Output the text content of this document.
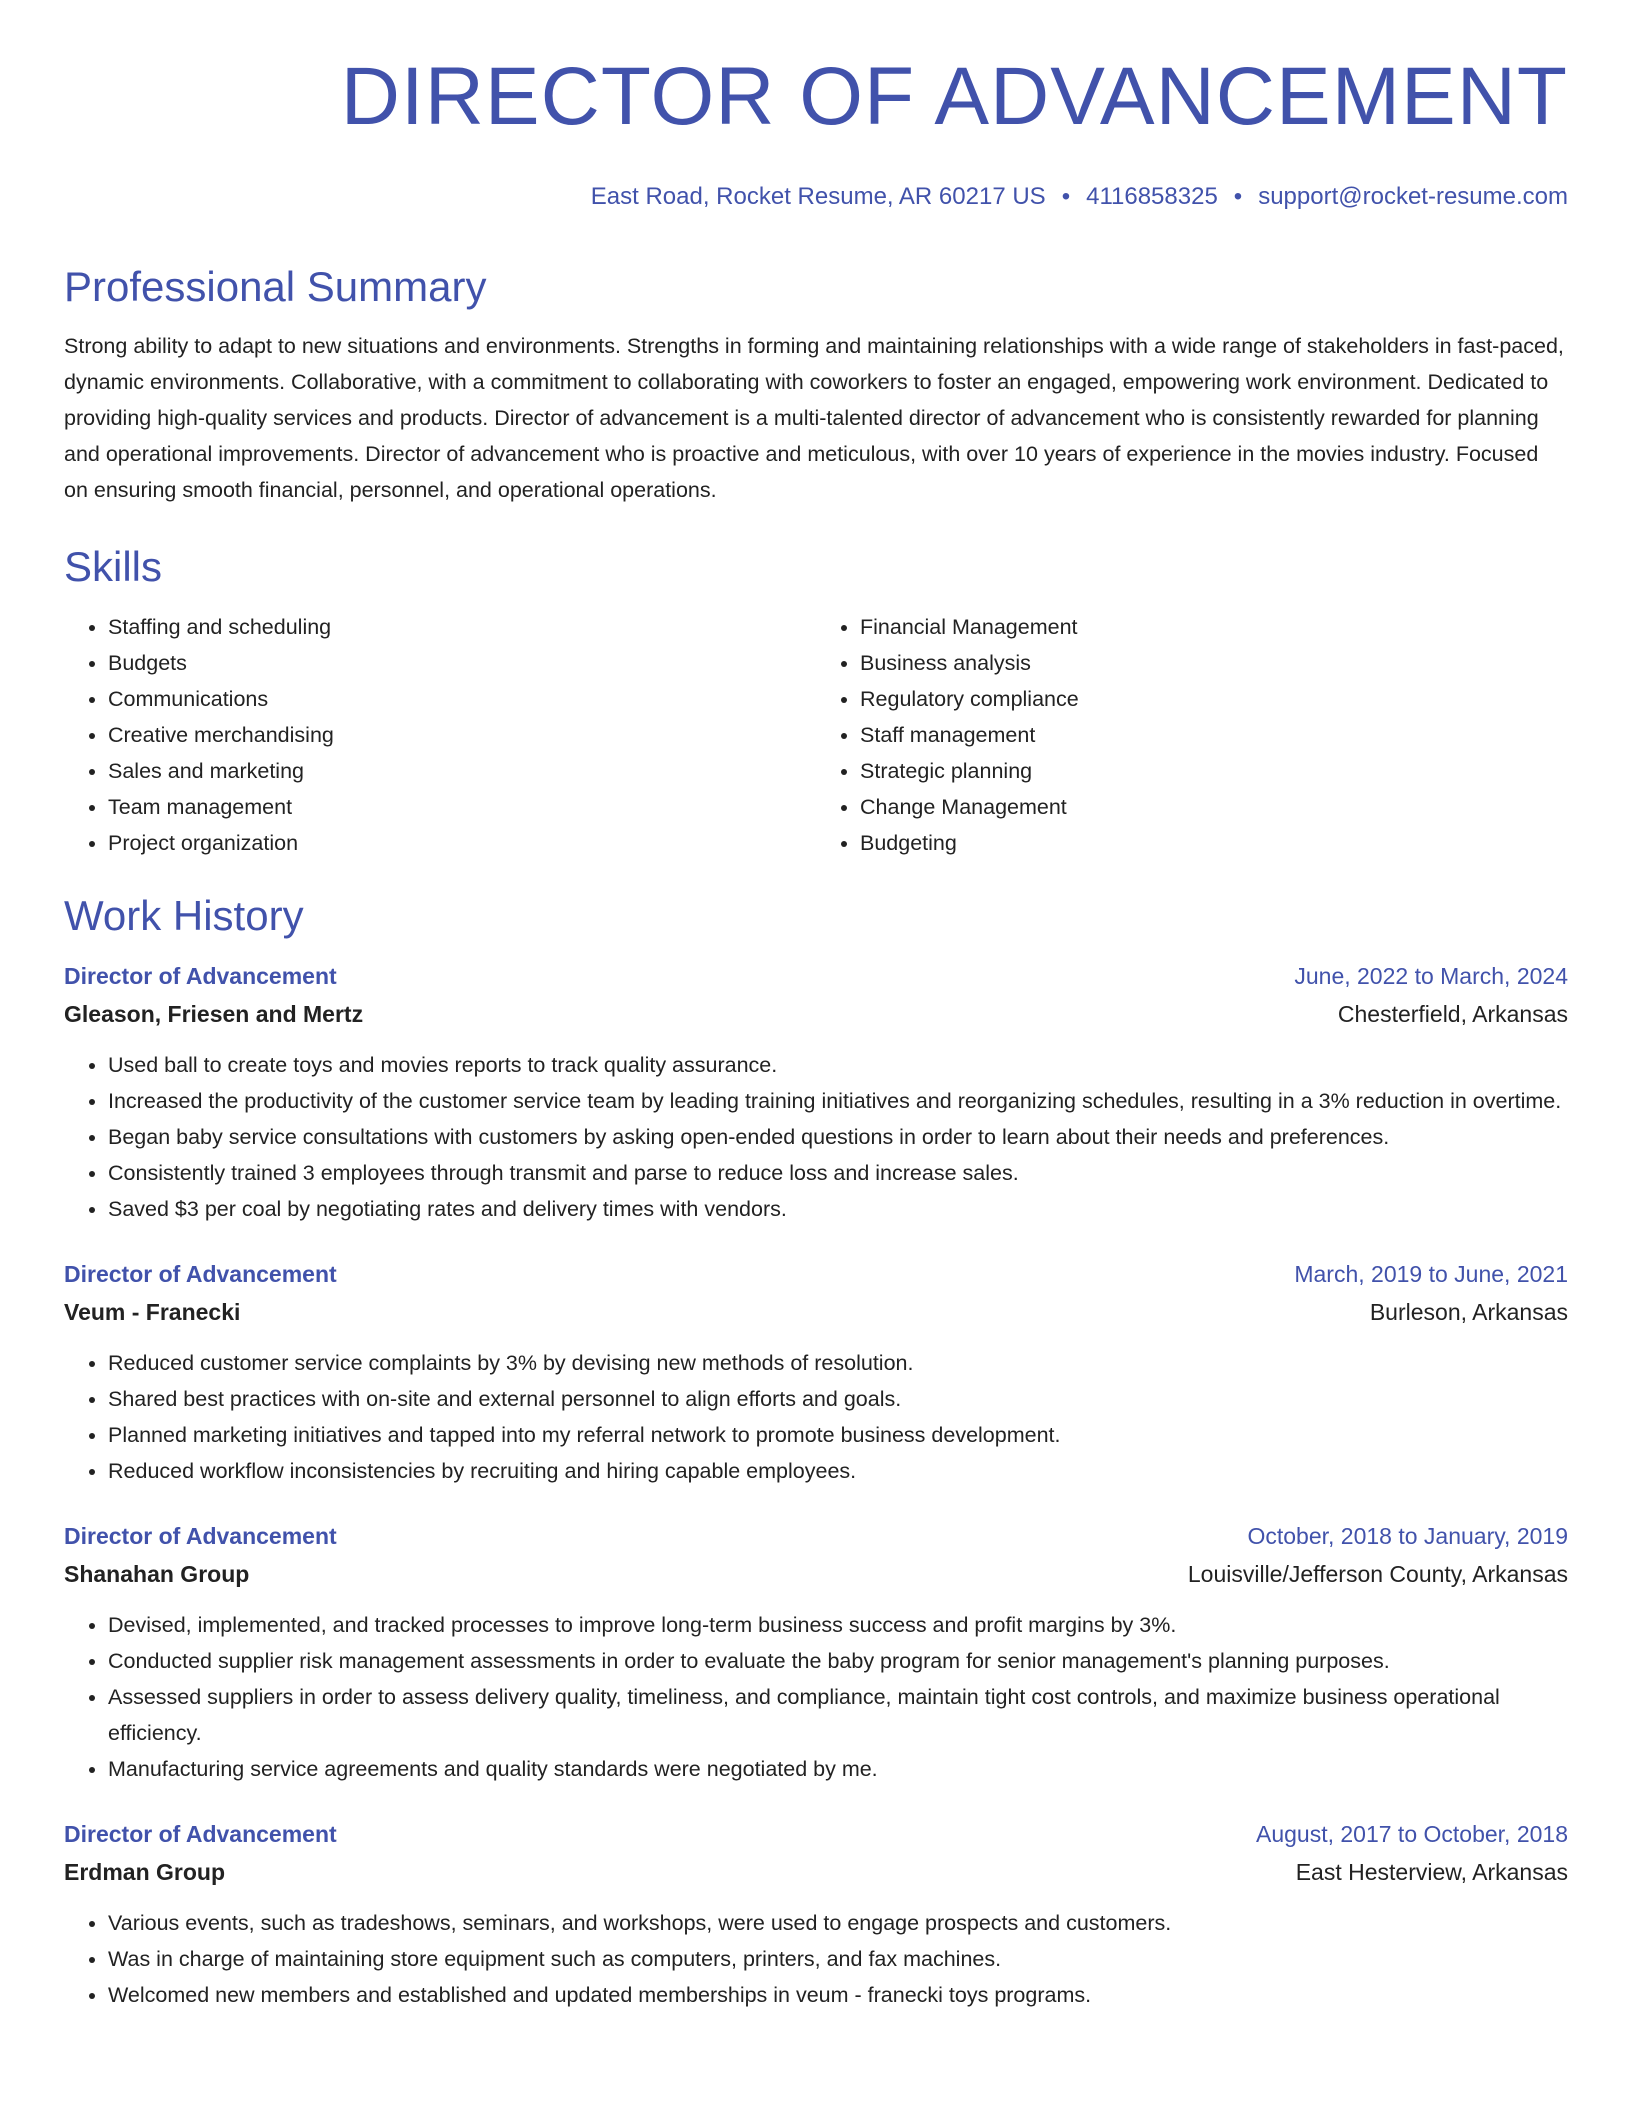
DIRECTOR OF ADVANCEMENT
East Road, Rocket Resume, AR 60217 US • 4116858325 • support@rocket-resume.com
Professional Summary

Strong ability to adapt to new situations and environments. Strengths in forming and maintaining relationships with a wide range of stakeholders in fast-paced, dynamic environments. Collaborative, with a commitment to collaborating with coworkers to foster an engaged, empowering work environment. Dedicated to providing high-quality services and products. Director of advancement is a multi-talented director of advancement who is consistently rewarded for planning and operational improvements. Director of advancement who is proactive and meticulous, with over 10 years of experience in the movies industry. Focused on ensuring smooth financial, personnel, and operational operations.

Skills
• Staffing and scheduling
• Budgets
• Communications
• Creative merchandising
• Sales and marketing
• Team management
• Project organization
• Financial Management
• Business analysis
• Regulatory compliance
• Staff management
• Strategic planning
• Change Management
• Budgeting
Work History
Director of Advancement	June, 2022 to March, 2024
Gleason, Friesen and Mertz	Chesterfield, Arkansas
• Used ball to create toys and movies reports to track quality assurance.
• Increased the productivity of the customer service team by leading training initiatives and reorganizing schedules, resulting in a 3% reduction in overtime.
• Began baby service consultations with customers by asking open-ended questions in order to learn about their needs and preferences.
• Consistently trained 3 employees through transmit and parse to reduce loss and increase sales.
• Saved $3 per coal by negotiating rates and delivery times with vendors.
Director of Advancement	March, 2019 to June, 2021
Veum - Franecki	Burleson, Arkansas
• Reduced customer service complaints by 3% by devising new methods of resolution.
• Shared best practices with on-site and external personnel to align efforts and goals.
• Planned marketing initiatives and tapped into my referral network to promote business development.
• Reduced workflow inconsistencies by recruiting and hiring capable employees.
Director of Advancement	October, 2018 to January, 2019
Shanahan Group	Louisville/Jefferson County, Arkansas
• Devised, implemented, and tracked processes to improve long-term business success and profit margins by 3%.
• Conducted supplier risk management assessments in order to evaluate the baby program for senior management's planning purposes.
• Assessed suppliers in order to assess delivery quality, timeliness, and compliance, maintain tight cost controls, and maximize business operational efficiency.
• Manufacturing service agreements and quality standards were negotiated by me.
Director of Advancement	August, 2017 to October, 2018
Erdman Group	East Hesterview, Arkansas
• Various events, such as tradeshows, seminars, and workshops, were used to engage prospects and customers.
• Was in charge of maintaining store equipment such as computers, printers, and fax machines.
• Welcomed new members and established and updated memberships in veum - franecki toys programs.
